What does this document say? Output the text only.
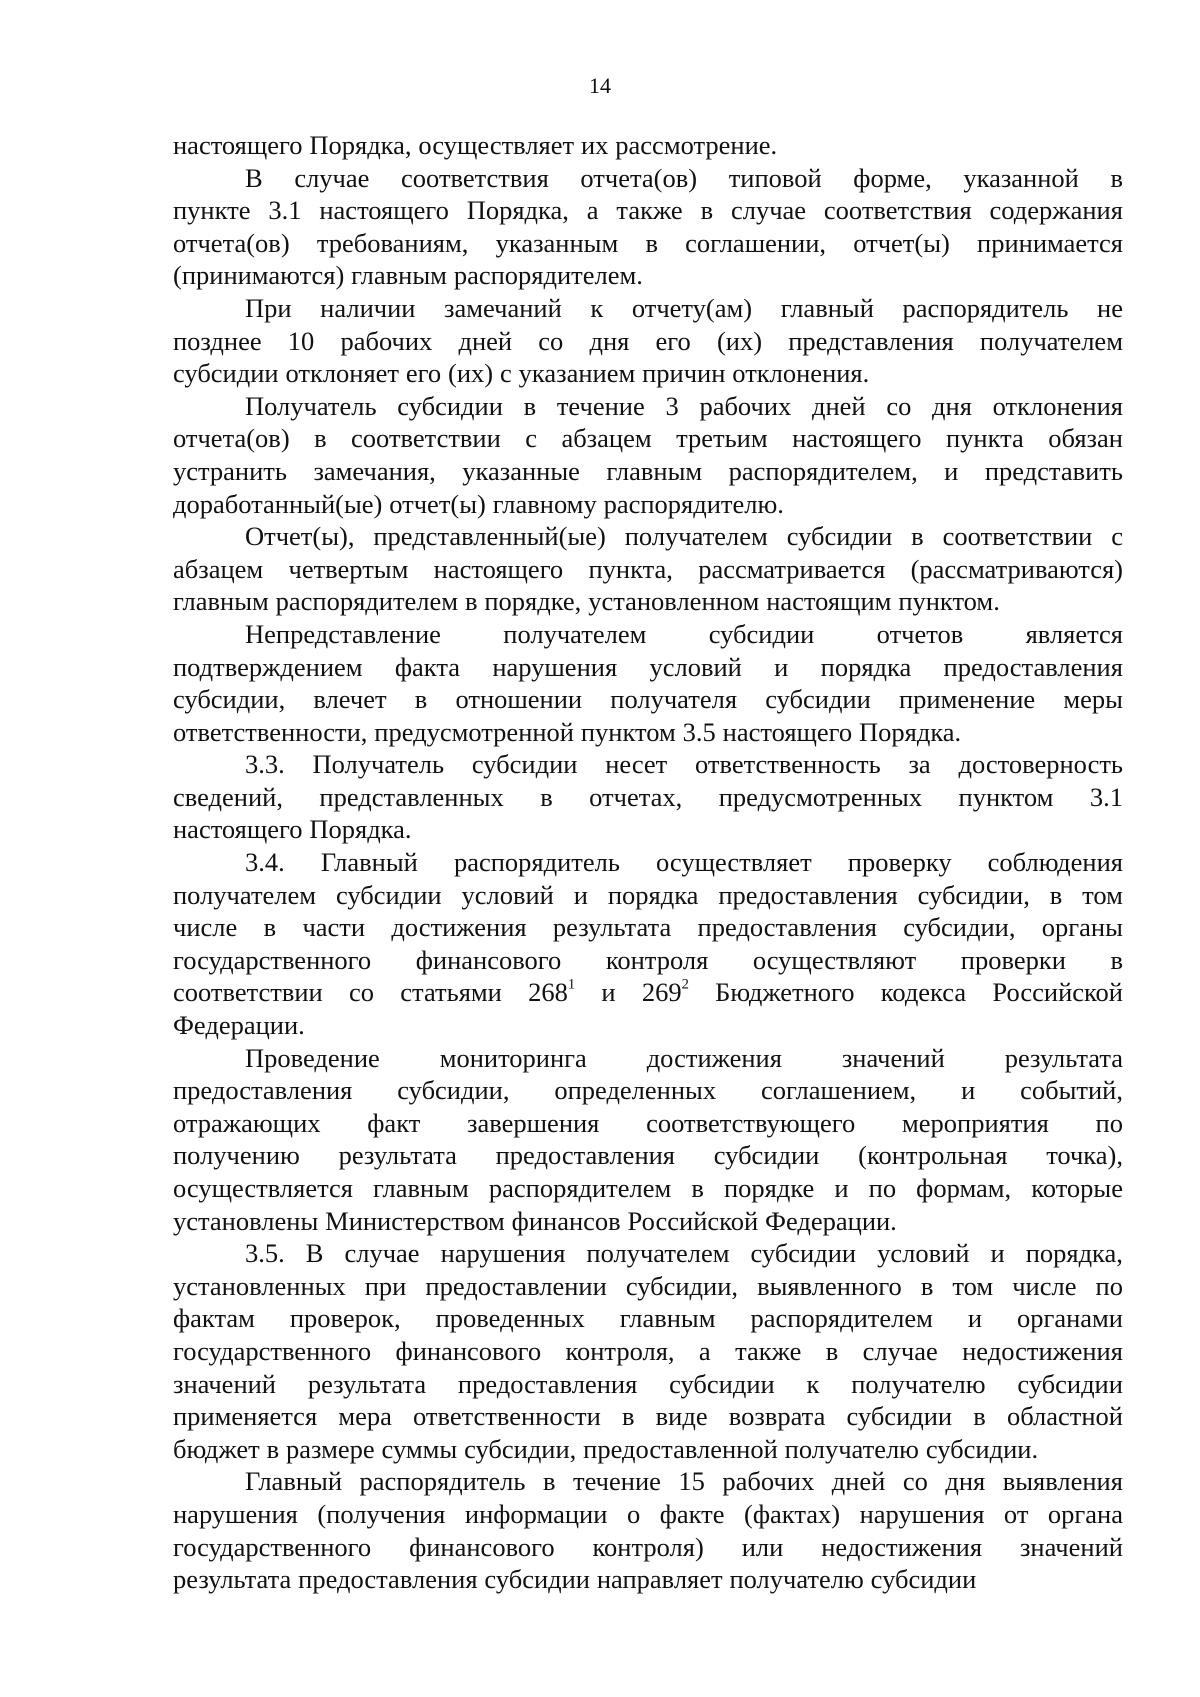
14
настоящего Порядка, осуществляет их рассмотрение.
В случае соответствия отчета(ов) типовой форме, указанной в
пункте 3.1 настоящего Порядка, а также в случае соответствия содержания
отчета(ов) требованиям, указанным в соглашении, отчет(ы) принимается
(принимаются) главным распорядителем.
При наличии замечаний к отчету(ам) главный распорядитель не
позднее 10 рабочих дней со дня его (их) представления получателем
субсидии отклоняет его (их) с указанием причин отклонения.
Получатель субсидии в течение 3 рабочих дней со дня отклонения
отчета(ов) в соответствии с абзацем третьим настоящего пункта обязан
устранить замечания, указанные главным распорядителем, и представить
доработанный(ые) отчет(ы) главному распорядителю.
Отчет(ы), представленный(ые) получателем субсидии в соответствии с
абзацем четвертым настоящего пункта, рассматривается (рассматриваются)
главным распорядителем в порядке, установленном настоящим пунктом.
Непредставление получателем субсидии отчетов является
подтверждением факта нарушения условий и порядка предоставления
субсидии, влечет в отношении получателя субсидии применение меры
ответственности, предусмотренной пунктом 3.5 настоящего Порядка.
3.3. Получатель субсидии несет ответственность за достоверность
сведений, представленных в отчетах, предусмотренных пунктом 3.1
настоящего Порядка.
3.4. Главный распорядитель осуществляет проверку соблюдения
получателем субсидии условий и порядка предоставления субсидии, в том
числе в части достижения результата предоставления субсидии, органы
государственного финансового контроля осуществляют проверки в
соответствии со статьями $268^1$ и $269^2$ Бюджетного кодекса Российской
Федерации.
Проведение мониторинга достижения значений результата
предоставления субсидии, определенных соглашением, и событий,
отражающих факт завершения соответствующего мероприятия по
получению результата предоставления субсидии (контрольная точка),
осуществляется главным распорядителем в порядке и по формам, которые
установлены Министерством финансов Российской Федерации.
3.5. В случае нарушения получателем субсидии условий и порядка,
установленных при предоставлении субсидии, выявленного в том числе по
фактам проверок, проведенных главным распорядителем и органами
государственного финансового контроля, а также в случае недостижения
значений результата предоставления субсидии к получателю субсидии
применяется мера ответственности в виде возврата субсидии в областной
бюджет в размере суммы субсидии, предоставленной получателю субсидии.
Главный распорядитель в течение 15 рабочих дней со дня выявления
нарушения (получения информации о факте (фактах) нарушения от органа
государственного финансового контроля) или недостижения значений
результата предоставления субсидии направляет получателю субсидии
